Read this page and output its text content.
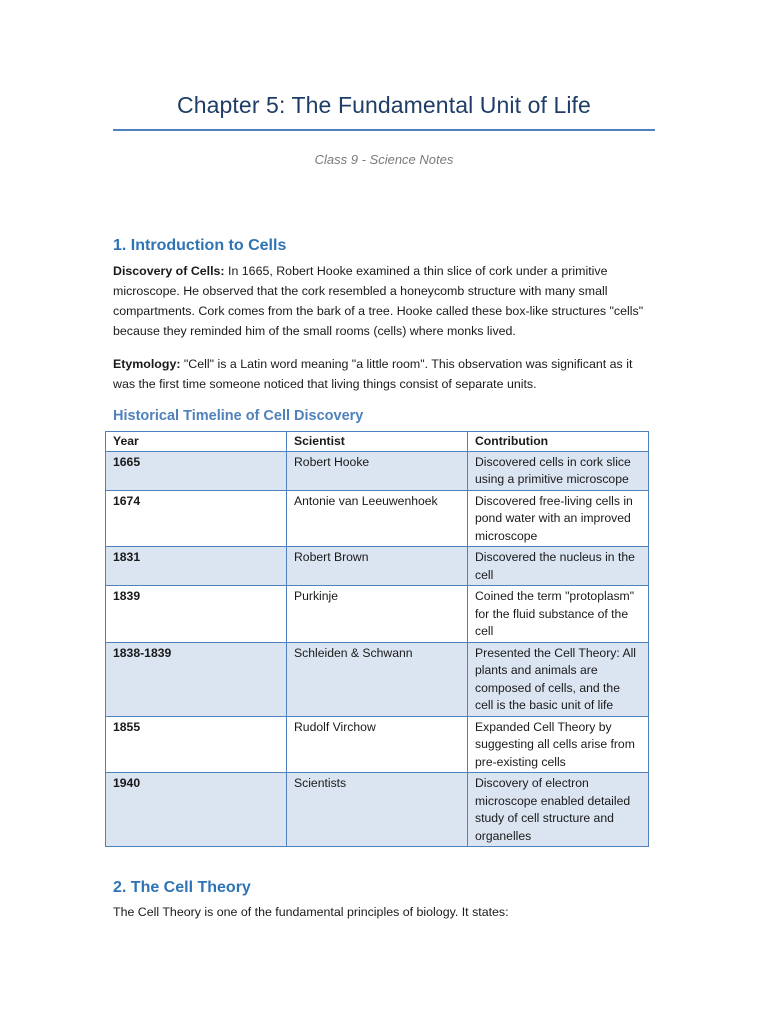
Chapter 5: The Fundamental Unit of Life
Class 9 - Science Notes
1. Introduction to Cells

Discovery of Cells: In 1665, Robert Hooke examined a thin slice of cork under a primitive microscope. He observed that the cork resembled a honeycomb structure with many small compartments. Cork comes from the bark of a tree. Hooke called these box-like structures "cells" because they reminded him of the small rooms (cells) where monks lived.

Etymology: "Cell" is a Latin word meaning "a little room". This observation was significant as it was the first time someone noticed that living things consist of separate units.

Historical Timeline of Cell Discovery
Year	Scientist	Contribution
1665	Robert Hooke	Discovered cells in cork slice using a primitive microscope
1674	Antonie van Leeuwenhoek	Discovered free-living cells in pond water with an improved microscope
1831	Robert Brown	Discovered the nucleus in the cell
1839	Purkinje	Coined the term "protoplasm" for the fluid substance of the cell
1838-1839	Schleiden & Schwann	Presented the Cell Theory: All plants and animals are composed of cells, and the cell is the basic unit of life
1855	Rudolf Virchow	Expanded Cell Theory by suggesting all cells arise from pre-existing cells
1940	Scientists	Discovery of electron microscope enabled detailed study of cell structure and organelles
2. The Cell Theory

The Cell Theory is one of the fundamental principles of biology. It states:
